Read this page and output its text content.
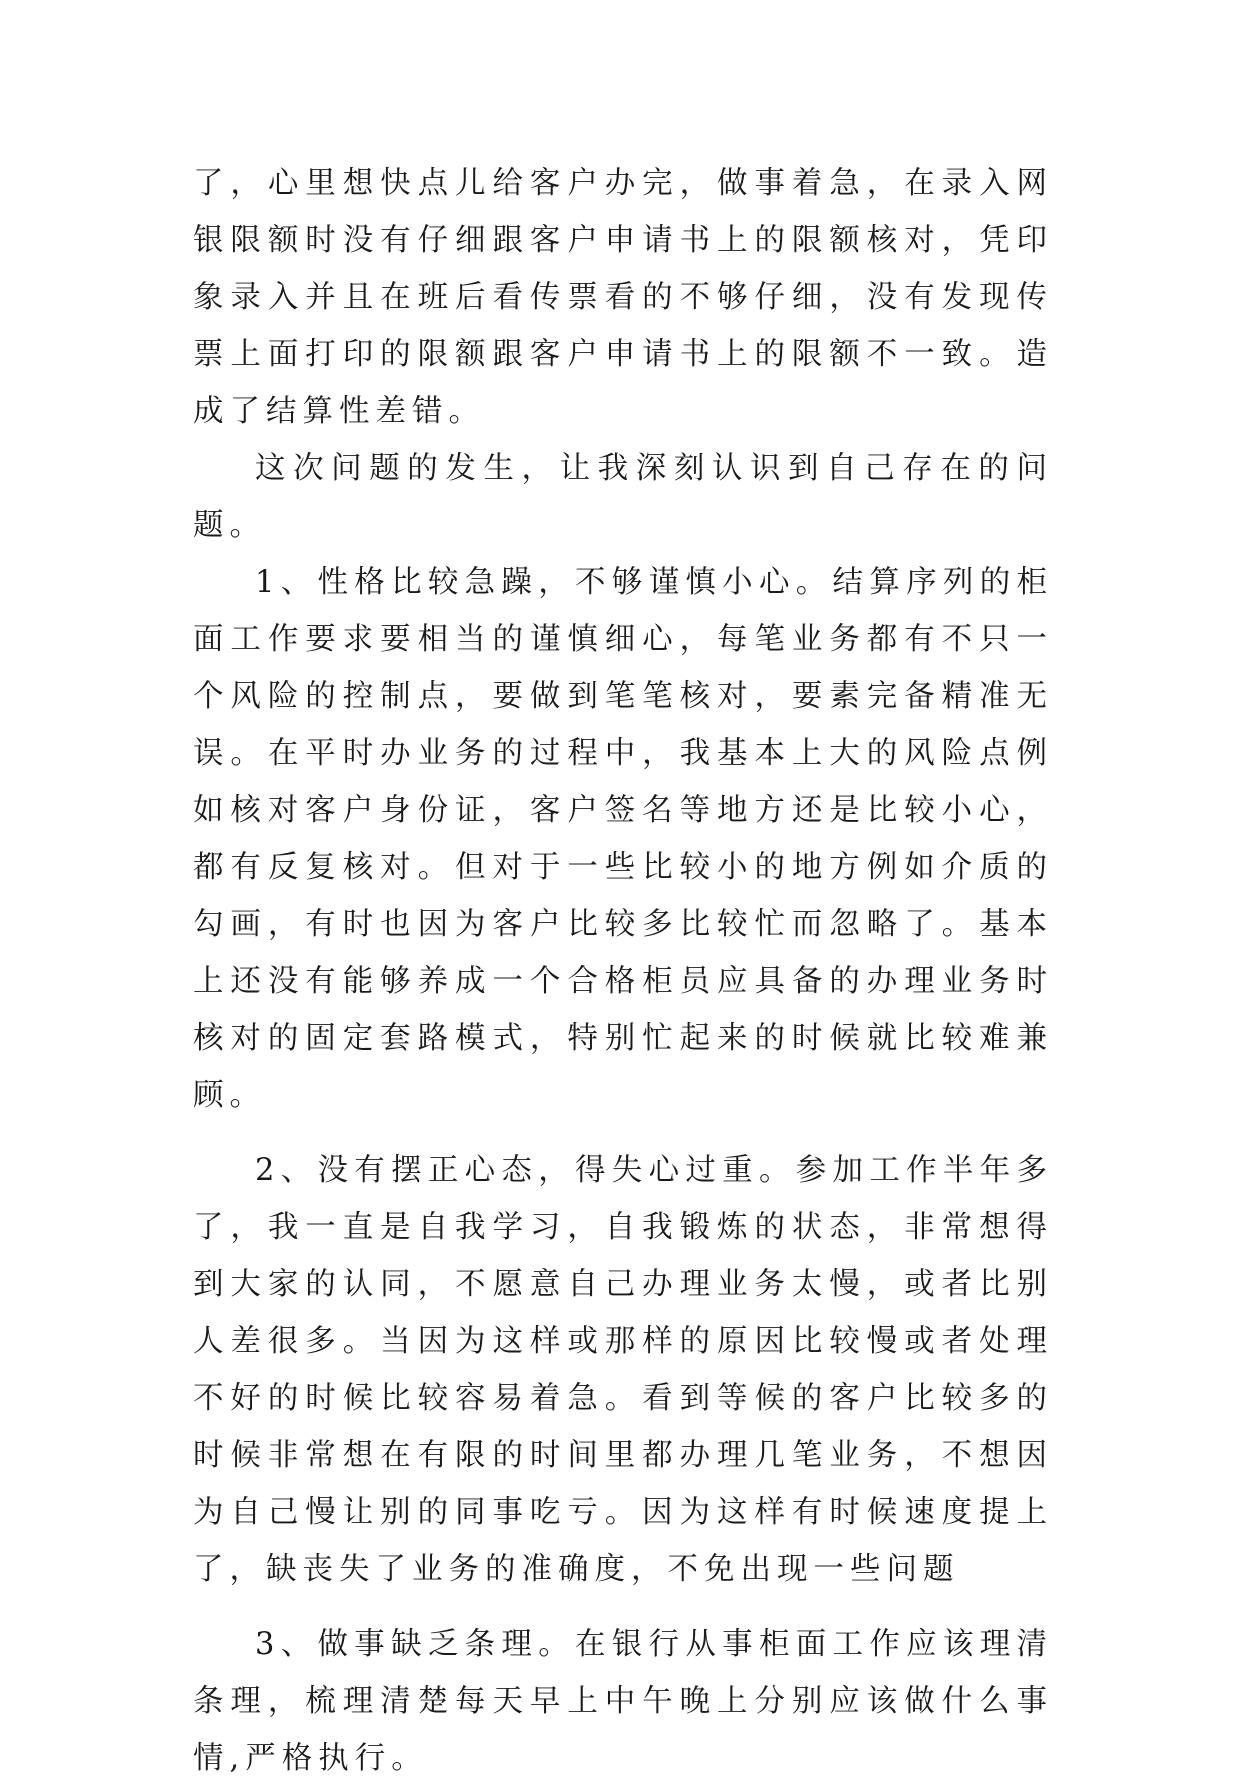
了，心里想快点儿给客户办完，做事着急，在录入网银限额时没有仔细跟客户申请书上的限额核对，凭印象录入并且在班后看传票看的不够仔细，没有发现传票上面打印的限额跟客户申请书上的限额不一致。造成了结算性差错。

这次问题的发生，让我深刻认识到自己存在的问题。

1、性格比较急躁，不够谨慎小心。结算序列的柜面工作要求要相当的谨慎细心，每笔业务都有不只一个风险的控制点，要做到笔笔核对，要素完备精准无误。在平时办业务的过程中，我基本上大的风险点例如核对客户身份证，客户签名等地方还是比较小心，都有反复核对。但对于一些比较小的地方例如介质的勾画，有时也因为客户比较多比较忙而忽略了。基本上还没有能够养成一个合格柜员应具备的办理业务时核对的固定套路模式，特别忙起来的时候就比较难兼顾。

2、没有摆正心态，得失心过重。参加工作半年多了，我一直是自我学习，自我锻炼的状态，非常想得到大家的认同，不愿意自己办理业务太慢，或者比别人差很多。当因为这样或那样的原因比较慢或者处理不好的时候比较容易着急。看到等候的客户比较多的时候非常想在有限的时间里都办理几笔业务，不想因为自己慢让别的同事吃亏。因为这样有时候速度提上了，缺丧失了业务的准确度，不免出现一些问题

3、做事缺乏条理。在银行从事柜面工作应该理清条理，梳理清楚每天早上中午晚上分别应该做什么事情,严格执行。
